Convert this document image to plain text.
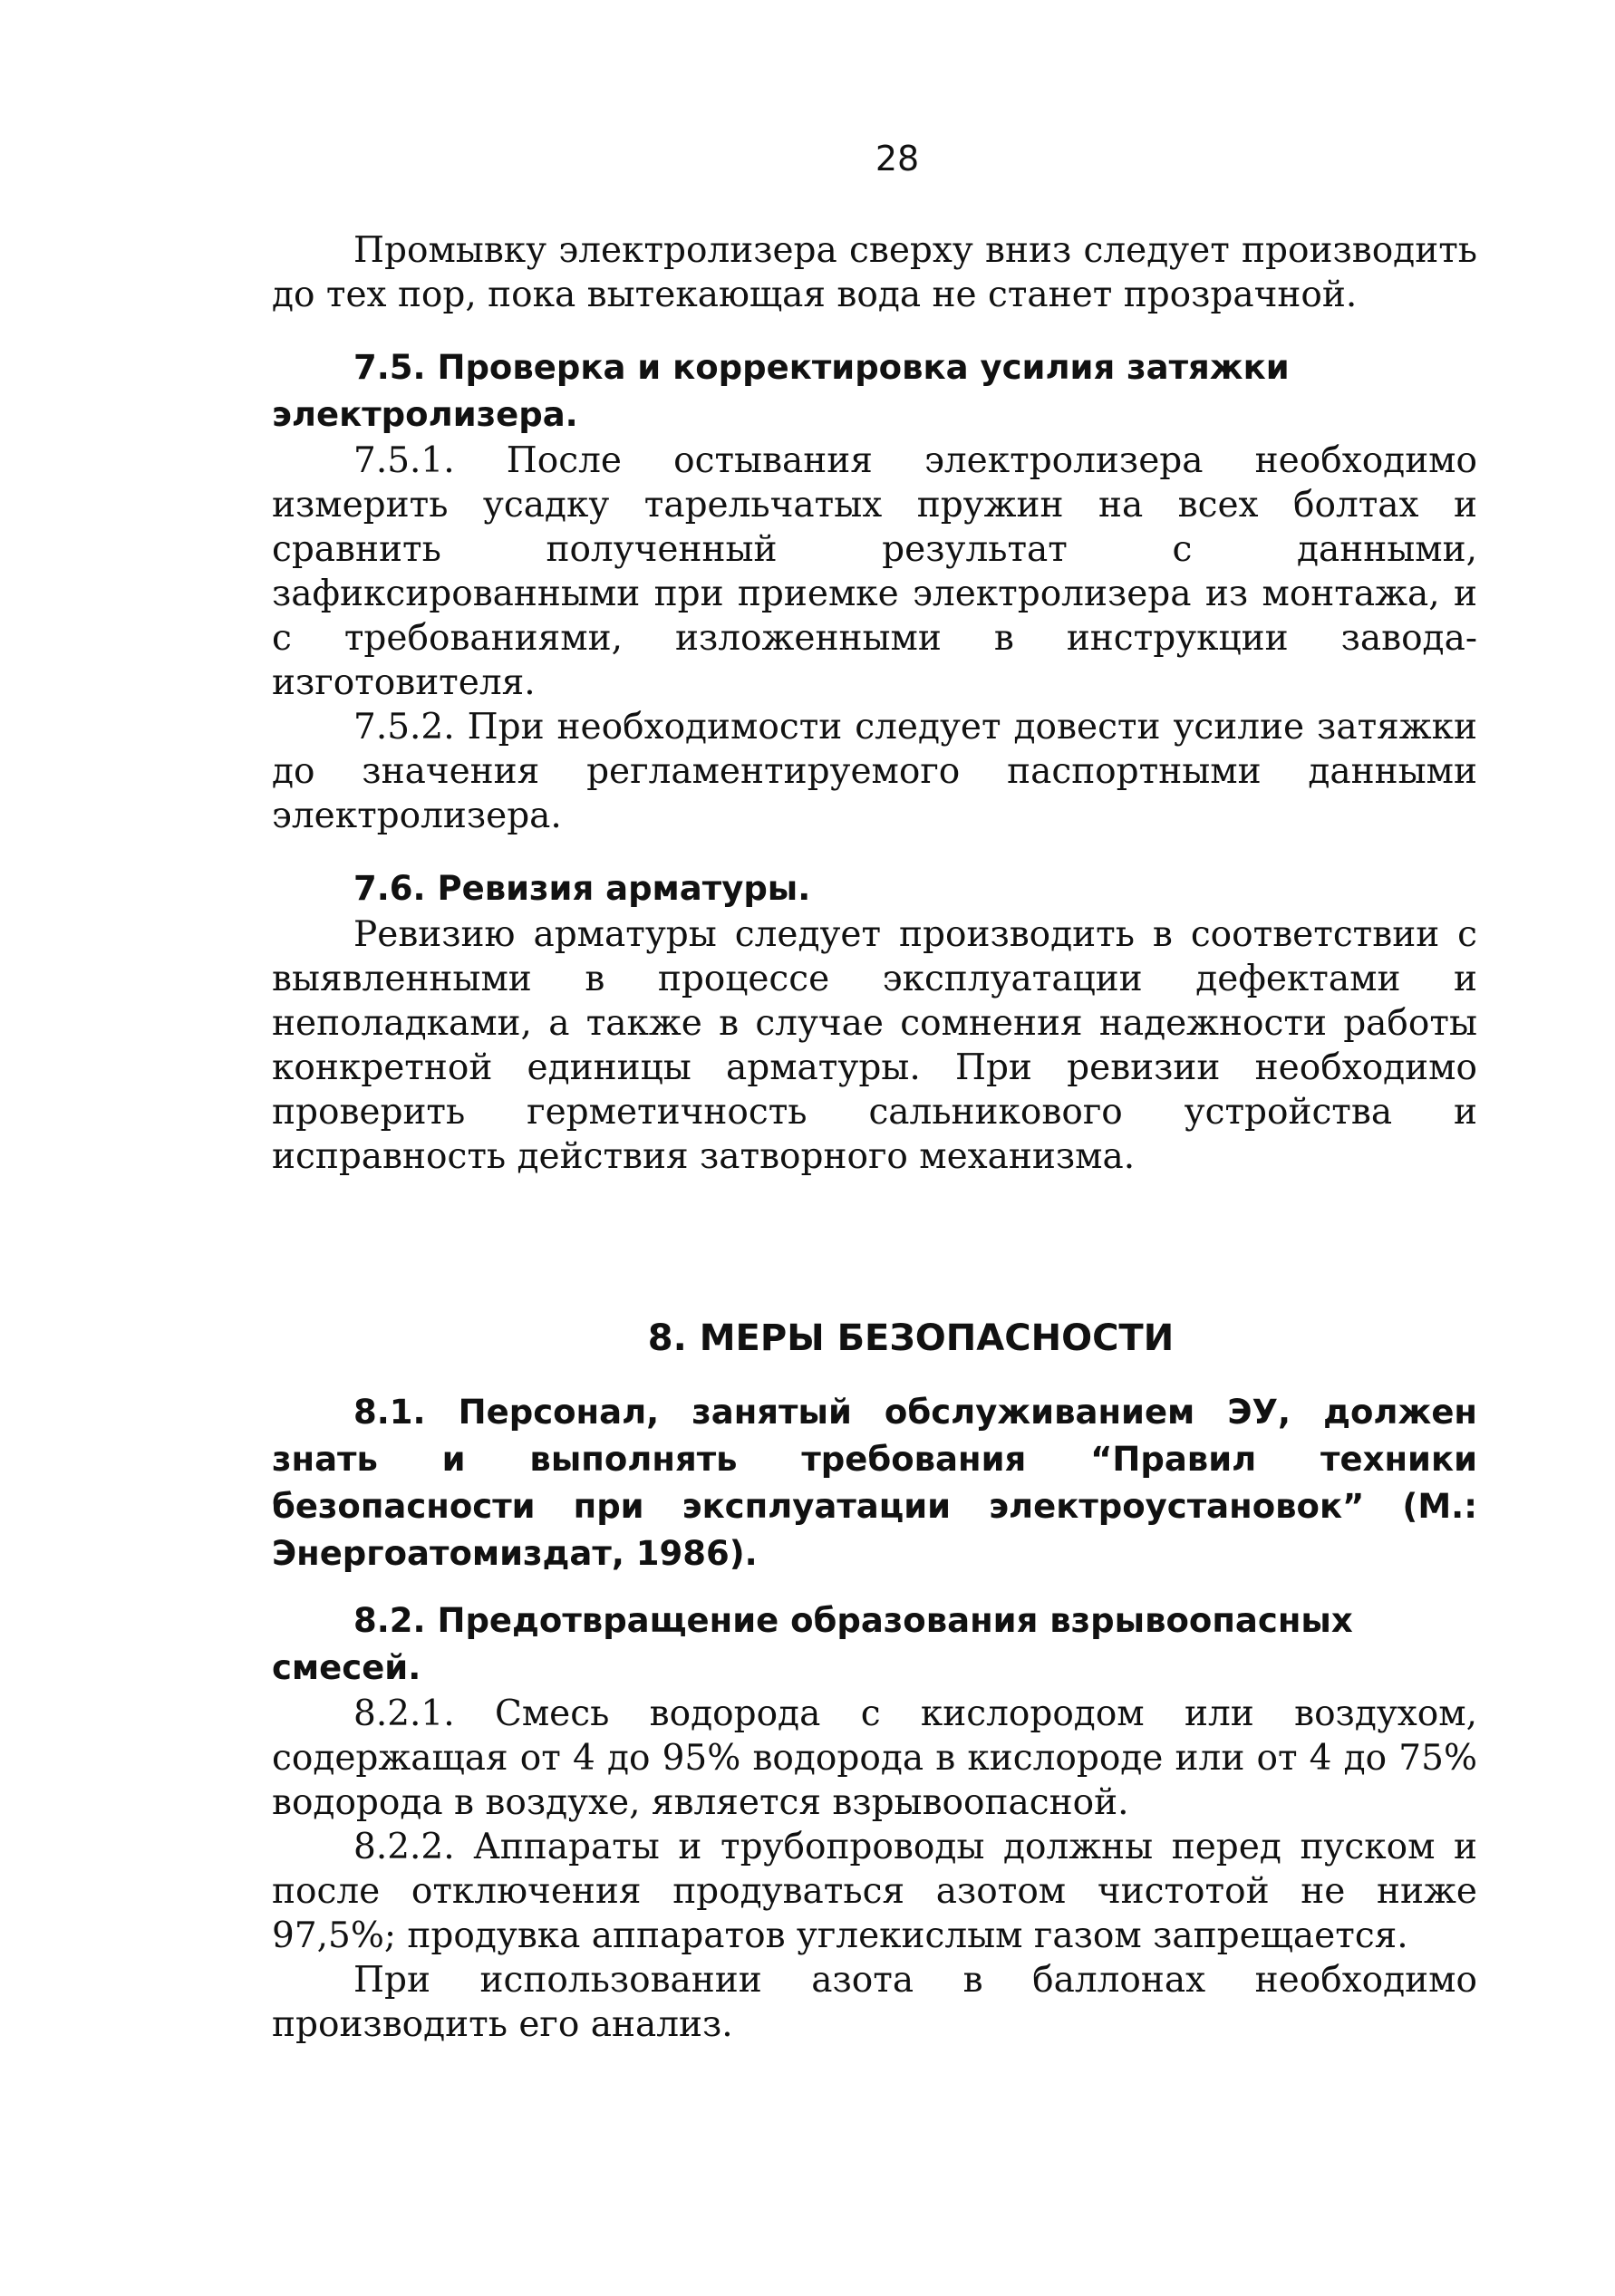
28

Промывку электролизера сверху вниз следует производить до тех пор, пока вытекающая вода не станет прозрачной.

7.5. Проверка и корректировка усилия затяжки электролизера.

7.5.1. После остывания электролизера необходимо измерить усадку тарельчатых пружин на всех болтах и сравнить полученный результат с данными, зафиксированными при приемке электролизера из монтажа, и с требованиями, изложенными в инструкции завода-изготовителя.

7.5.2. При необходимости следует довести усилие затяжки до значения регламентируемого паспортными данными электролизера.

7.6. Ревизия арматуры.

Ревизию арматуры следует производить в соответствии с выявленными в процессе эксплуатации дефектами и неполадками, а также в случае сомнения надежности работы конкретной единицы арматуры. При ревизии необходимо проверить герметичность сальникового устройства и исправность действия затворного механизма.

8. МЕРЫ БЕЗОПАСНОСТИ
8.1. Персонал, занятый обслуживанием ЭУ, должен знать и выполнять требования “Правил техники безопасности при эксплуатации электроустановок” (М.: Энергоатомиздат, 1986).
8.2. Предотвращение образования взрывоопасных смесей.

8.2.1. Смесь водорода с кислородом или воздухом, содержащая от 4 до 95% водорода в кислороде или от 4 до 75% водорода в воздухе, является взрывоопасной.

8.2.2. Аппараты и трубопроводы должны перед пуском и после отключения продуваться азотом чистотой не ниже 97,5%; продувка аппаратов углекислым газом запрещается.

При использовании азота в баллонах необходимо производить его анализ.
